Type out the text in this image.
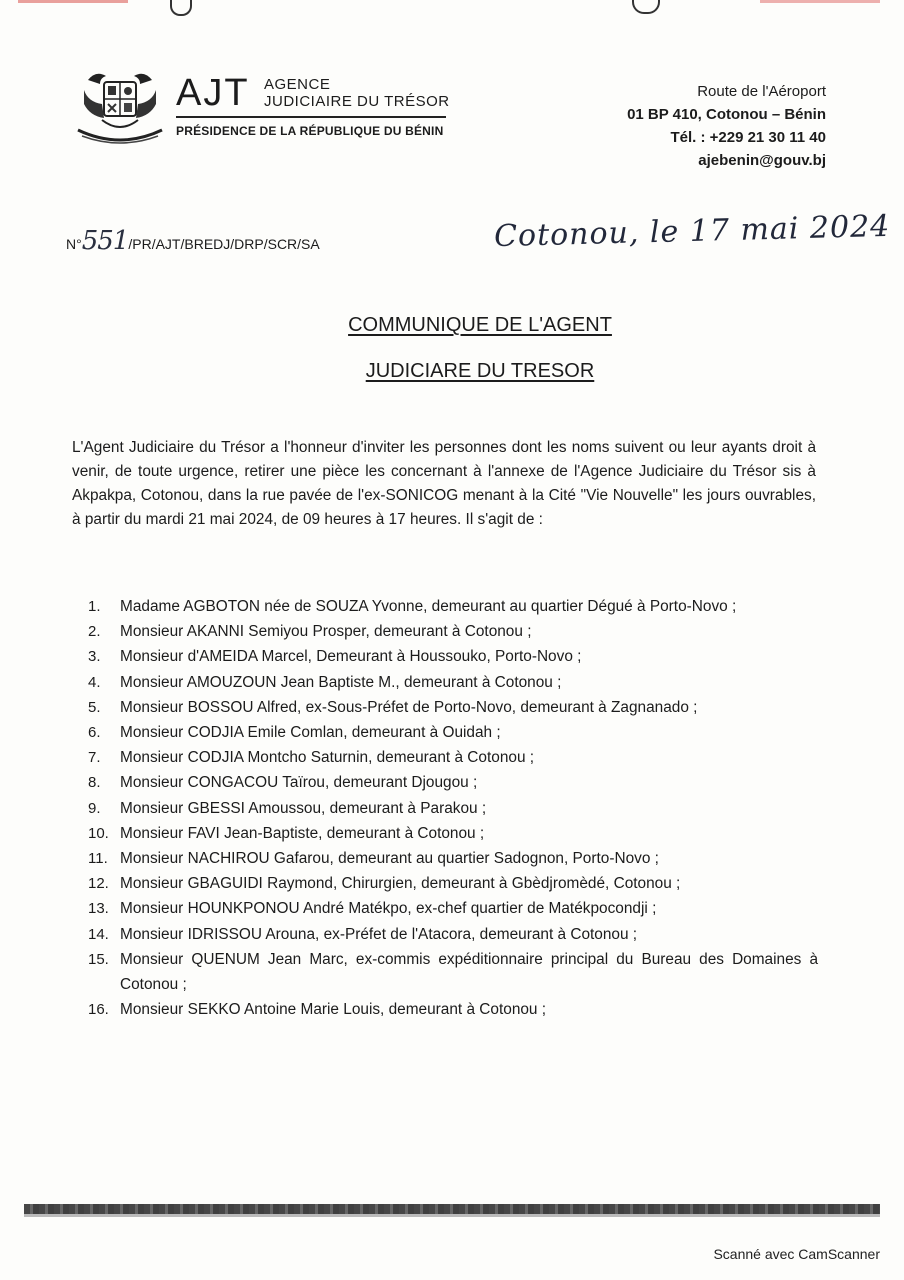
AJT AGENCE
JUDICIAIRE DU TRÉSOR
PRÉSIDENCE DE LA RÉPUBLIQUE DU BÉNIN
Route de l'Aéroport
01 BP 410, Cotonou – Bénin
Tél. : +229 21 30 11 40
ajebenin@gouv.bj
N°551/PR/AJT/BREDJ/DRP/SCR/SA	Cotonou, le 17 mai 2024
COMMUNIQUE DE L'AGENT
JUDICIARE DU TRESOR
L'Agent Judiciaire du Trésor a l'honneur d'inviter les personnes dont les noms suivent ou leur ayants droit à venir, de toute urgence, retirer une pièce les concernant à l'annexe de l'Agence Judiciaire du Trésor sis à Akpakpa, Cotonou, dans la rue pavée de l'ex-SONICOG menant à la Cité "Vie Nouvelle" les jours ouvrables, à partir du mardi 21 mai 2024, de 09 heures à 17 heures. Il s'agit de :
1. Madame AGBOTON née de SOUZA Yvonne, demeurant au quartier Dégué à Porto-Novo ;
2. Monsieur AKANNI Semiyou Prosper, demeurant à Cotonou ;
3. Monsieur d'AMEIDA Marcel, Demeurant à Houssouko, Porto-Novo ;
4. Monsieur AMOUZOUN Jean Baptiste M., demeurant à Cotonou ;
5. Monsieur BOSSOU Alfred, ex-Sous-Préfet de Porto-Novo, demeurant à Zagnanado ;
6. Monsieur CODJIA Emile Comlan, demeurant à Ouidah ;
7. Monsieur CODJIA Montcho Saturnin, demeurant à Cotonou ;
8. Monsieur CONGACOU Taïrou, demeurant Djougou ;
9. Monsieur GBESSI Amoussou, demeurant à Parakou ;
10. Monsieur FAVI Jean-Baptiste, demeurant à Cotonou ;
11. Monsieur NACHIROU Gafarou, demeurant au quartier Sadognon, Porto-Novo ;
12. Monsieur GBAGUIDI Raymond, Chirurgien, demeurant à Gbèdjromèdé, Cotonou ;
13. Monsieur HOUNKPONOU André Matékpo, ex-chef quartier de Matékpocondji ;
14. Monsieur IDRISSOU Arouna, ex-Préfet de l'Atacora, demeurant à Cotonou ;
15. Monsieur QUENUM Jean Marc, ex-commis expéditionnaire principal du Bureau des Domaines à Cotonou ;
16. Monsieur SEKKO Antoine Marie Louis, demeurant à Cotonou ;
Scanné avec CamScanner
